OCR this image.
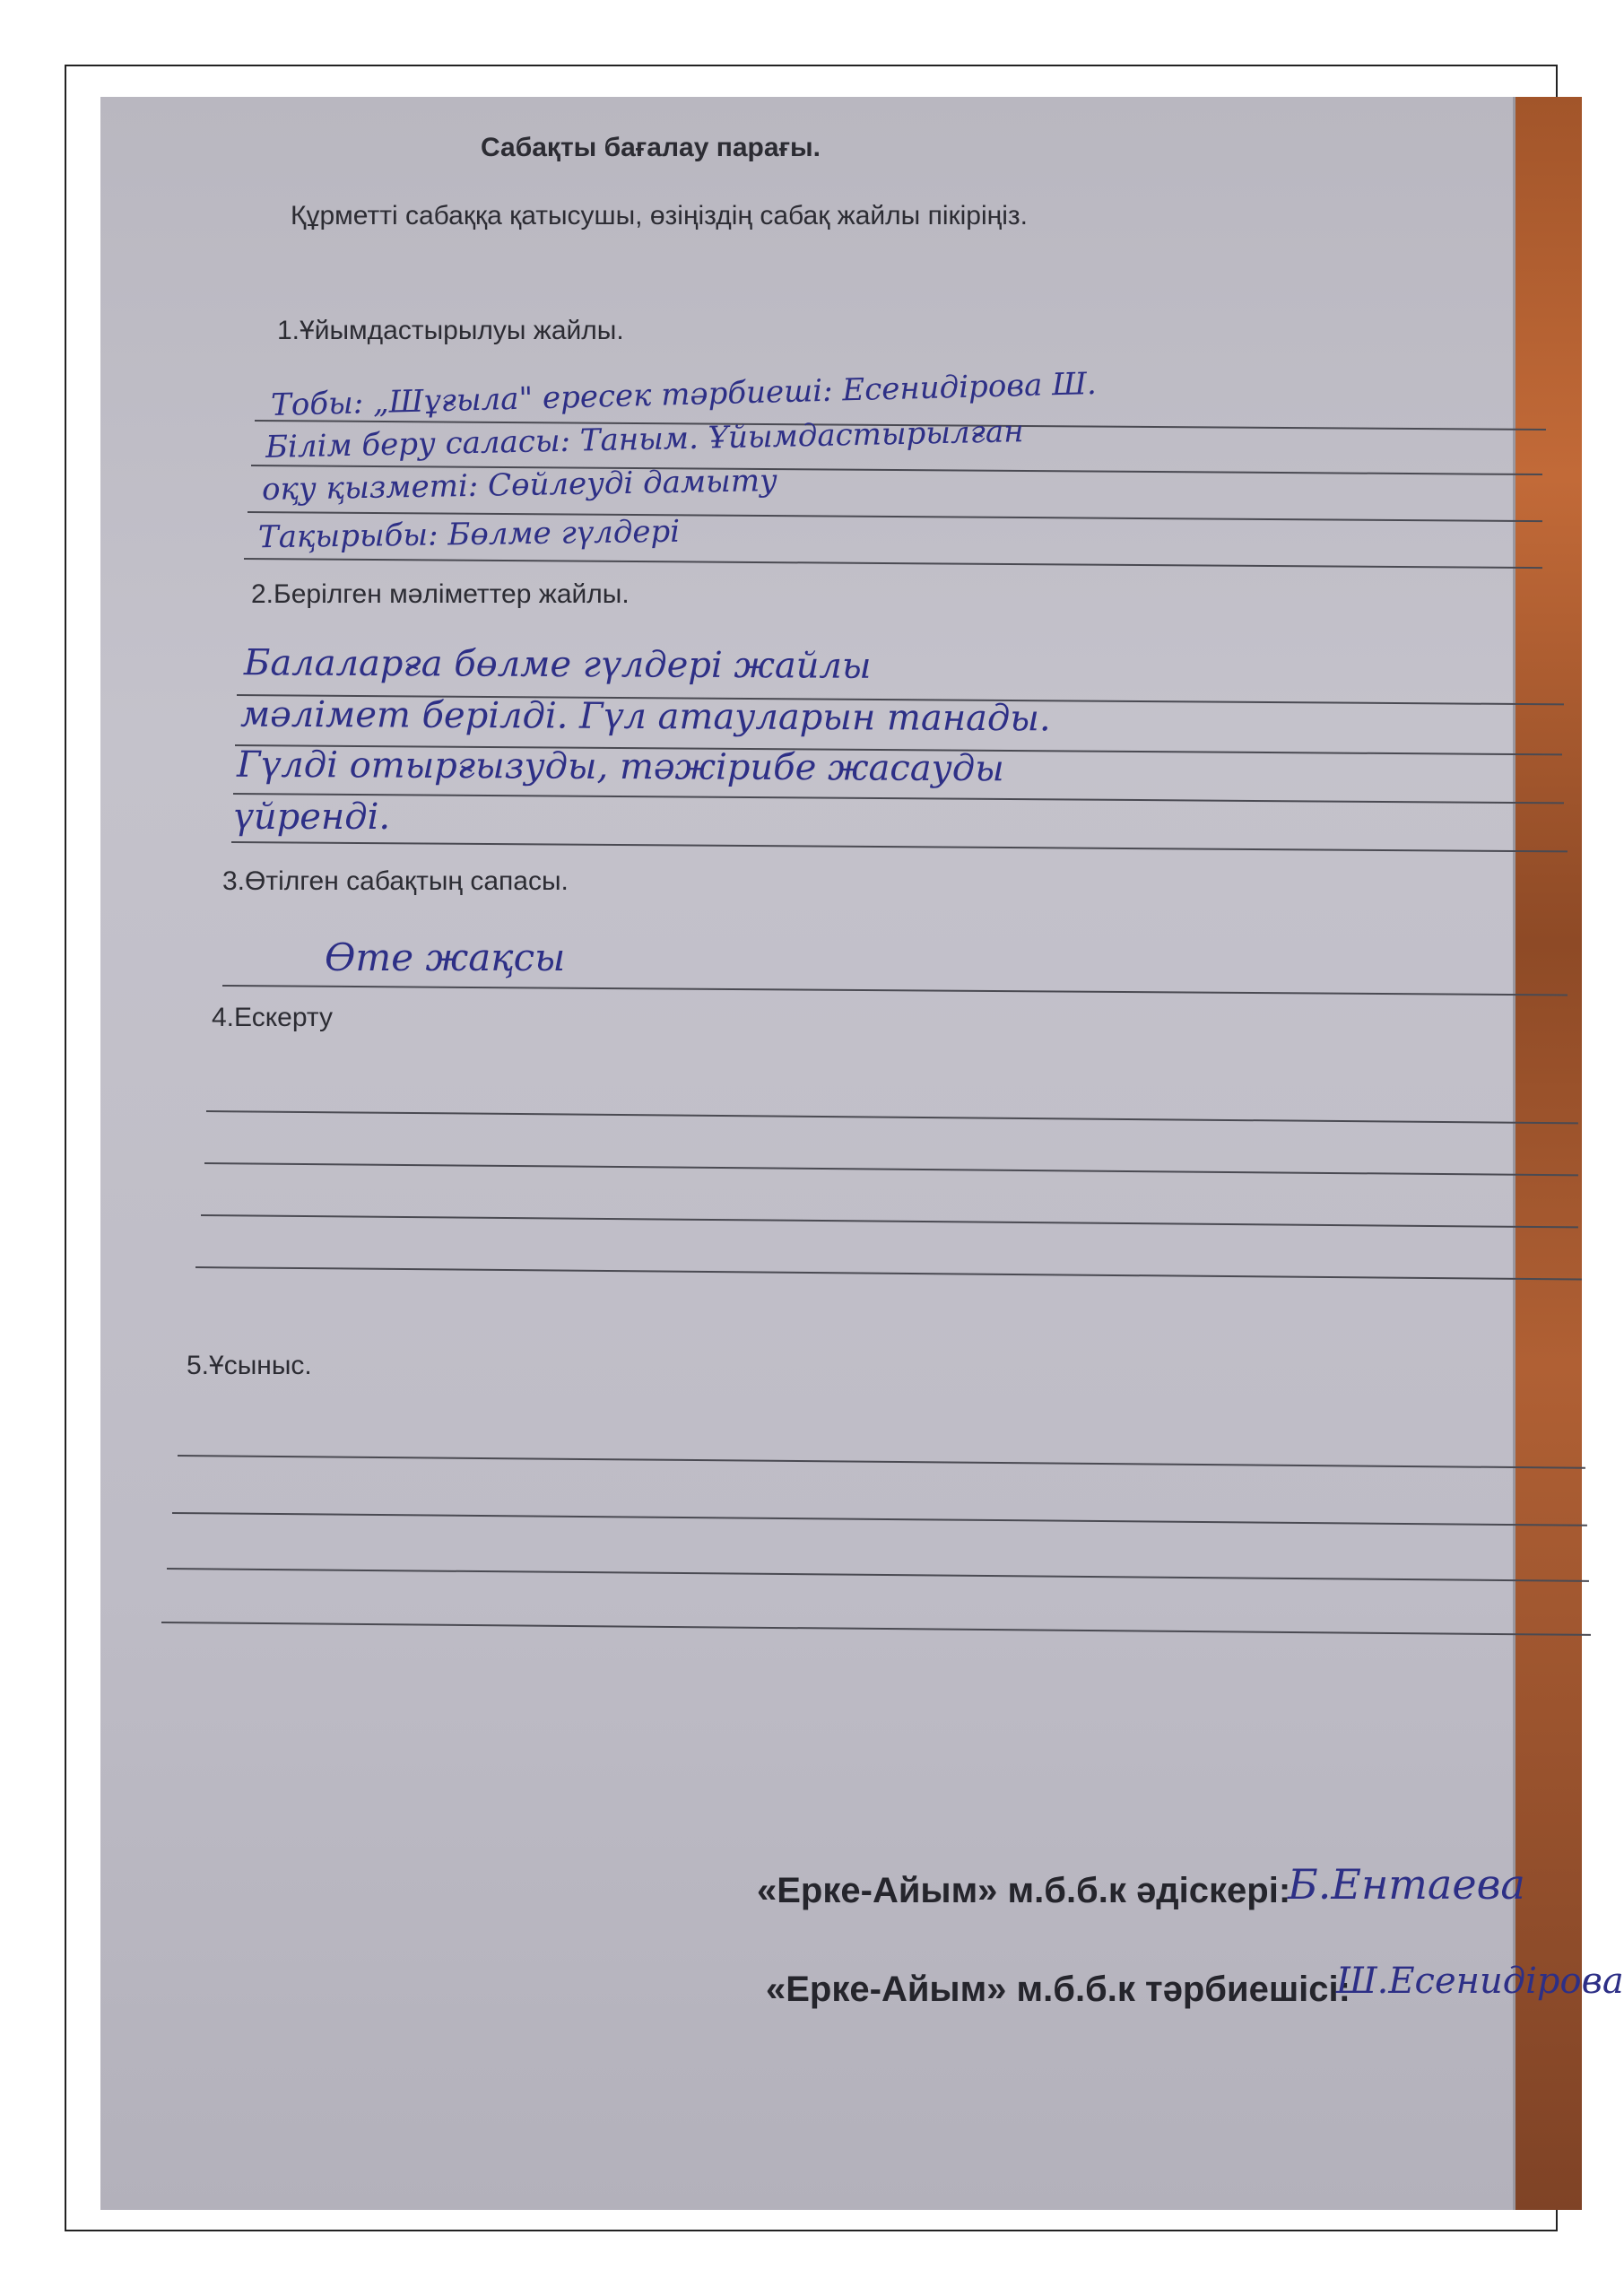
Сабақты бағалау парағы.
Құрметті сабаққа қатысушы, өзіңіздің сабақ жайлы пікіріңіз.
1.Ұйымдастырылуы жайлы.
Тобы: „Шұғыла" ересек тәрбиеші: Есенидірова Ш.
Білім беру саласы: Таным. Ұйымдастырылған
оқу қызметі: Сөйлеуді дамыту
Тақырыбы: Бөлме гүлдері
2.Берілген мәліметтер жайлы.
Балаларға бөлме гүлдері жайлы
мәлімет берілді. Гүл атауларын танады.
Гүлді отырғызуды, тәжірибе жасауды
үйренді.
3.Өтілген сабақтың сапасы.
Өте жақсы
4.Ескерту
5.Ұсыныс.
«Ерке-Айым» м.б.б.к әдіскері:
Б.Ентаева
«Ерке-Айым» м.б.б.к тәрбиешісі:
Ш.Есенидірова
